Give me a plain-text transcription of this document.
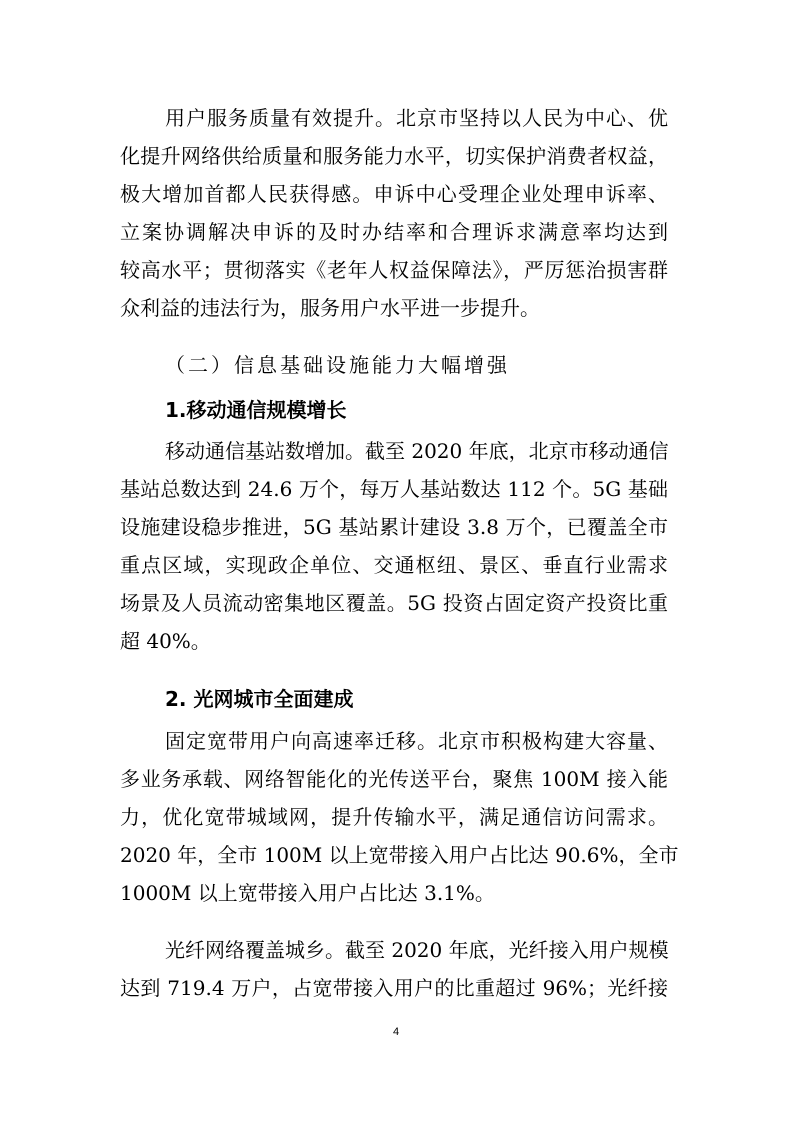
用户服务质量有效提升。北京市坚持以人民为中心、优

化提升网络供给质量和服务能力水平，切实保护消费者权益，

极大增加首都人民获得感。申诉中心受理企业处理申诉率、

立案协调解决申诉的及时办结率和合理诉求满意率均达到

较高水平；贯彻落实《老年人权益保障法》，严厉惩治损害群

众利益的违法行为，服务用户水平进一步提升。

（二）信息基础设施能力大幅增强

1.移动通信规模增长

移动通信基站数增加。截至 2020 年底，北京市移动通信

基站总数达到 24.6 万个，每万人基站数达 112 个。5G 基础

设施建设稳步推进，5G 基站累计建设 3.8 万个，已覆盖全市

重点区域，实现政企单位、交通枢纽、景区、垂直行业需求

场景及人员流动密集地区覆盖。5G 投资占固定资产投资比重

超 40%。

2. 光网城市全面建成

固定宽带用户向高速率迁移。北京市积极构建大容量、

多业务承载、网络智能化的光传送平台，聚焦 100M 接入能

力，优化宽带城域网，提升传输水平，满足通信访问需求。

2020 年，全市 100M 以上宽带接入用户占比达 90.6%，全市

1000M 以上宽带接入用户占比达 3.1%。

光纤网络覆盖城乡。截至 2020 年底，光纤接入用户规模

达到 719.4 万户，占宽带接入用户的比重超过 96%；光纤接

4
